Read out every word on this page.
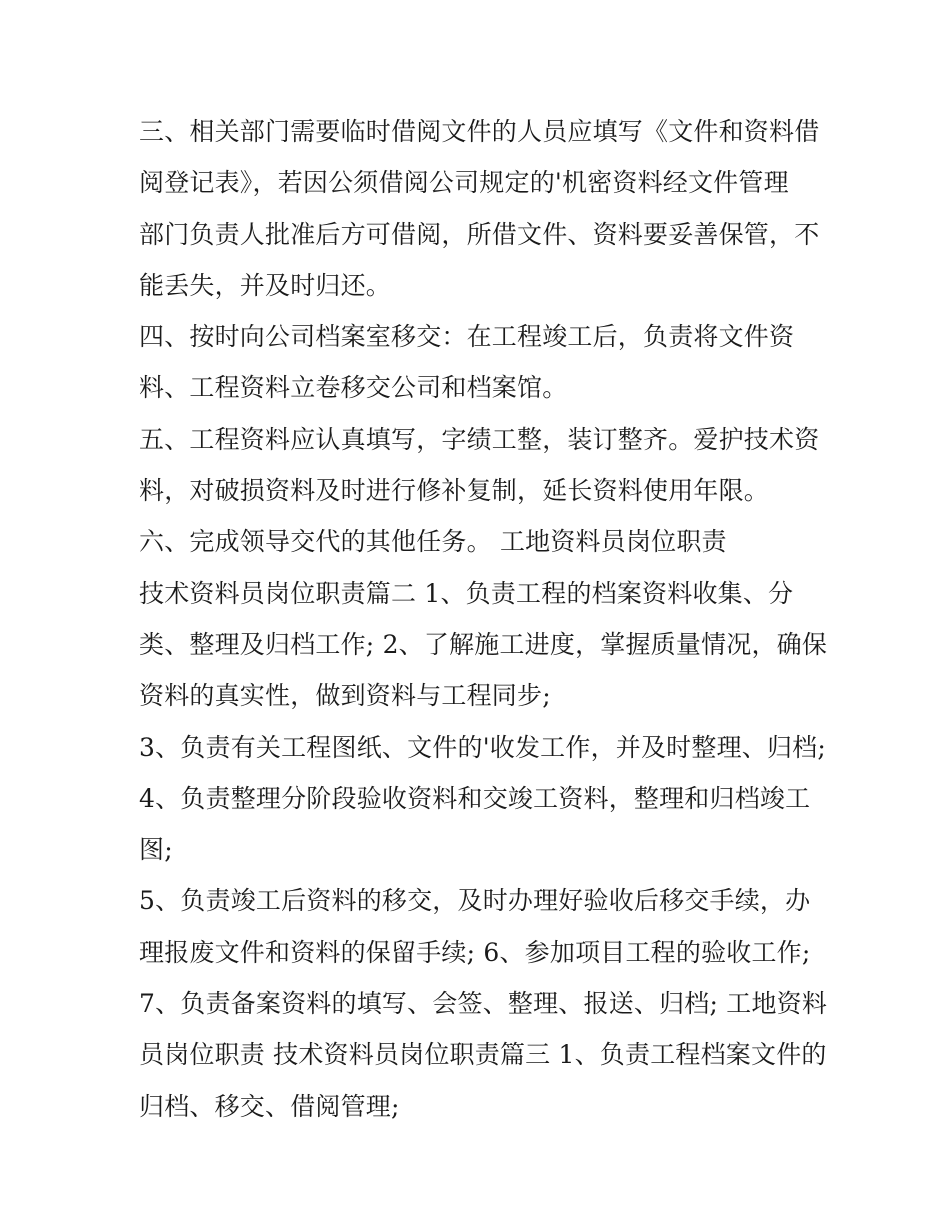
三、相关部门需要临时借阅文件的人员应填写《文件和资料借
阅登记表》，若因公须借阅公司规定的'机密资料经文件管理
部门负责人批准后方可借阅，所借文件、资料要妥善保管，不
能丢失，并及时归还。
四、按时向公司档案室移交：在工程竣工后，负责将文件资
料、工程资料立卷移交公司和档案馆。
五、工程资料应认真填写，字绩工整，装订整齐。爱护技术资
料，对破损资料及时进行修补复制，延长资料使用年限。
六、完成领导交代的其他任务。 工地资料员岗位职责
技术资料员岗位职责篇二 1、负责工程的档案资料收集、分
类、整理及归档工作; 2、了解施工进度，掌握质量情况，确保
资料的真实性，做到资料与工程同步;
3、负责有关工程图纸、文件的'收发工作，并及时整理、归档;
4、负责整理分阶段验收资料和交竣工资料，整理和归档竣工
图;
5、负责竣工后资料的移交，及时办理好验收后移交手续，办
理报废文件和资料的保留手续; 6、参加项目工程的验收工作;
7、负责备案资料的填写、会签、整理、报送、归档; 工地资料
员岗位职责 技术资料员岗位职责篇三 1、负责工程档案文件的
归档、移交、借阅管理;
